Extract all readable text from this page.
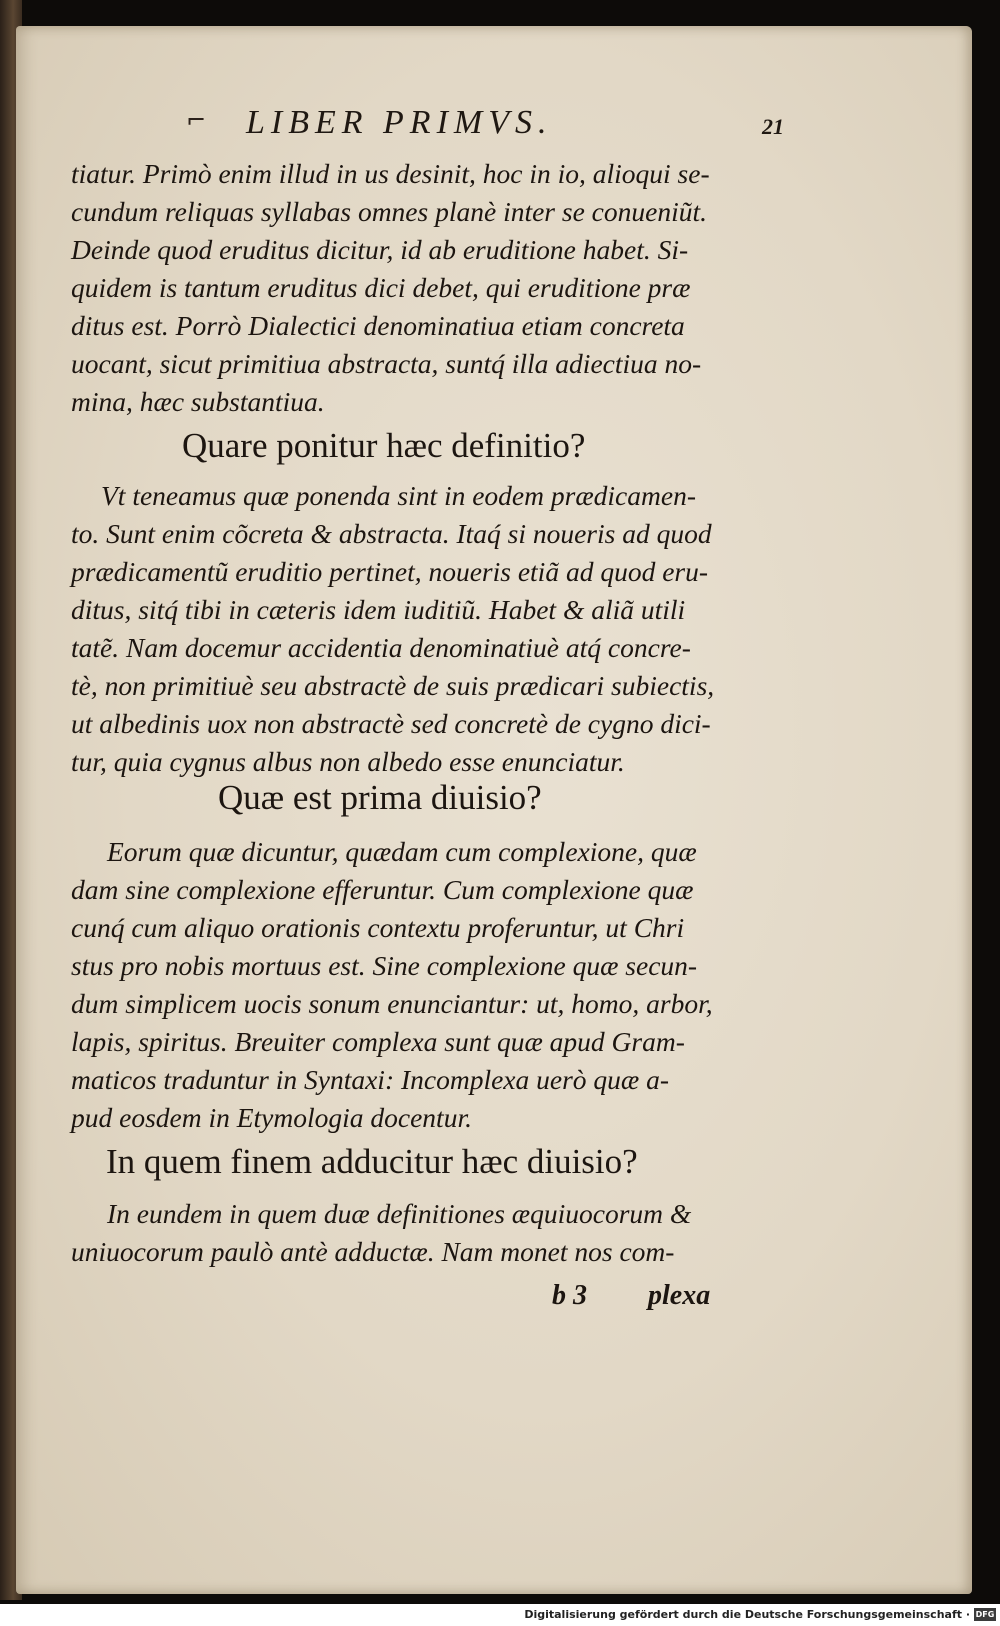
⌐ LIBER PRIMVS.	21
tiatur. Primò enim illud in us desinit, hoc in io, alioqui se-
cundum reliquas syllabas omnes planè inter se conueniũt.
Deinde quod eruditus dicitur, id ab eruditione habet. Si-
quidem is tantum eruditus dici debet, qui eruditione præ
ditus est. Porrò Dialectici denominatiua etiam concreta
uocant, sicut primitiua abstracta, suntq́ illa adiectiua no-
mina, hæc substantiua.
Quare ponitur hæc definitio?
Vt teneamus quæ ponenda sint in eodem prædicamen-
to. Sunt enim cõcreta & abstracta. Itaq́ si noueris ad quod
prædicamentũ eruditio pertinet, noueris etiã ad quod eru-
ditus, sitq́ tibi in cæteris idem iuditiũ. Habet & aliã utili
tatẽ. Nam docemur accidentia denominatiuè atq́ concre-
tè, non primitiuè seu abstractè de suis prædicari subiectis,
ut albedinis uox non abstractè sed concretè de cygno dici-
tur, quia cygnus albus non albedo esse enunciatur.
Quæ est prima diuisio?
Eorum quæ dicuntur, quædam cum complexione, quæ
dam sine complexione efferuntur. Cum complexione quæ
cunq́ cum aliquo orationis contextu proferuntur, ut Chri
stus pro nobis mortuus est. Sine complexione quæ secun-
dum simplicem uocis sonum enunciantur: ut, homo, arbor,
lapis, spiritus. Breuiter complexa sunt quæ apud Gram-
maticos traduntur in Syntaxi: Incomplexa uerò quæ a-
pud eosdem in Etymologia docentur.
In quem finem adducitur hæc diuisio?
In eundem in quem duæ definitiones æquiuocorum &
uniuocorum paulò antè adductæ. Nam monet nos com-
b 3 plexa
Digitalisierung gefördert durch die Deutsche Forschungsgemeinschaft · DFG
